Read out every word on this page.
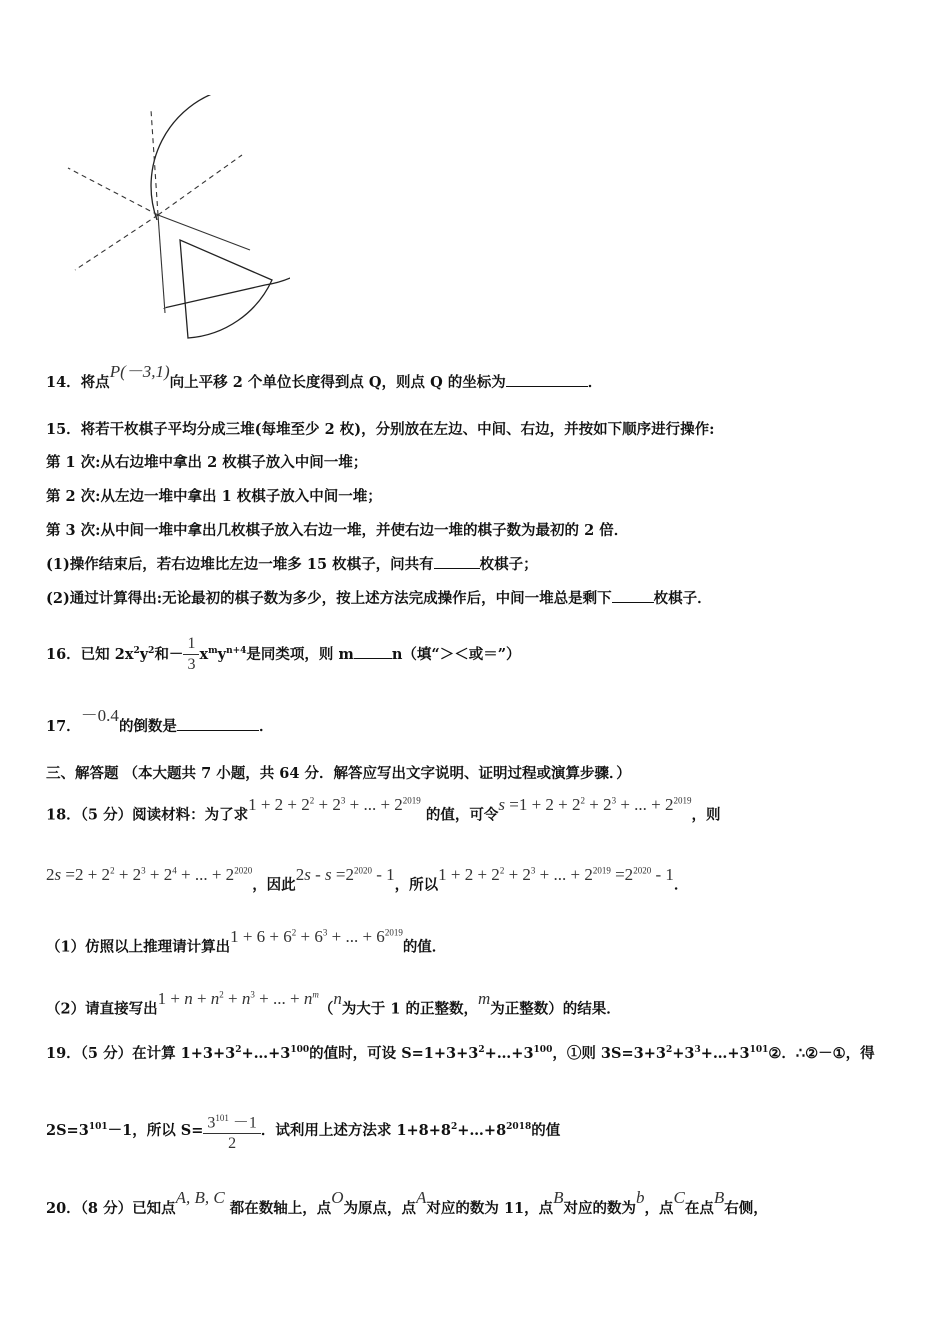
14．将点P(－3,1)向上平移 2 个单位长度得到点 Q，则点 Q 的坐标为	．
15．将若干枚棋子平均分成三堆(每堆至少 2 枚)，分别放在左边、中间、右边，并按如下顺序进行操作:
第 1 次:从右边堆中拿出 2 枚棋子放入中间一堆；
第 2 次:从左边一堆中拿出 1 枚棋子放入中间一堆；
第 3 次:从中间一堆中拿出几枚棋子放入右边一堆，并使右边一堆的棋子数为最初的 2 倍．
(1)操作结束后，若右边堆比左边一堆多 15 枚棋子，问共有	枚棋子；
(2)通过计算得出:无论最初的棋子数为多少，按上述方法完成操作后，中间一堆总是剩下	枚棋子．
16．已知 $2x^2y^2$和－ $\frac{1}{3} x^my^{n+4}$是同类项，则 m	n（填“＞＜或＝”）
17．－0.4的倒数是	．
三、解答题 （本大题共 7 小题，共 64 分．解答应写出文字说明、证明过程或演算步骤．）
18．（5 分）阅读材料：为了求$1 + 2 + 2^2 + 2^3$ + ... + $2^{2019}$ 的值，可令$s =1 + 2 + 2^2 + 2^3$ + ... + $2^{2019}$，则
$2s =2 + 2^2 + 2^3 + 2^4$ + ... + $2^{2020}$，因此$2s - s =2^{2020} - 1$，所以$1 + 2 + 2^2 + 2^3$ + ... + $2^{2019} =2^{2020} - 1$．
（1）仿照以上推理请计算出$1 + 6 + 6^2 + 6^3$ + ... + $6^{2019}$的值．
（2）请直接写出$1 + n + n^2 + n^3$ + ... + $n^m(n$为大于 1 的正整数，m为正整数）的结果．
19．（5 分）在计算 $1+3+3^2+\dots+3^{100}$的值时，可设 $S=1+3+3^2+\dots+3^{100}$，①则 $3S=3+3^2+3^3+\dots+3^{101}②$．∴②－①，得
$2S=3^{101}-1$，所以 $S= \frac{3^{101} -1}{2}$ ．试利用上述方法求 $1+8+8^2+\dots+8^{2018}$的值
20．（8 分）已知点A, B, C 都在数轴上，点O为原点，点A对应的数为 11，点B对应的数为b，点C在点B右侧，
